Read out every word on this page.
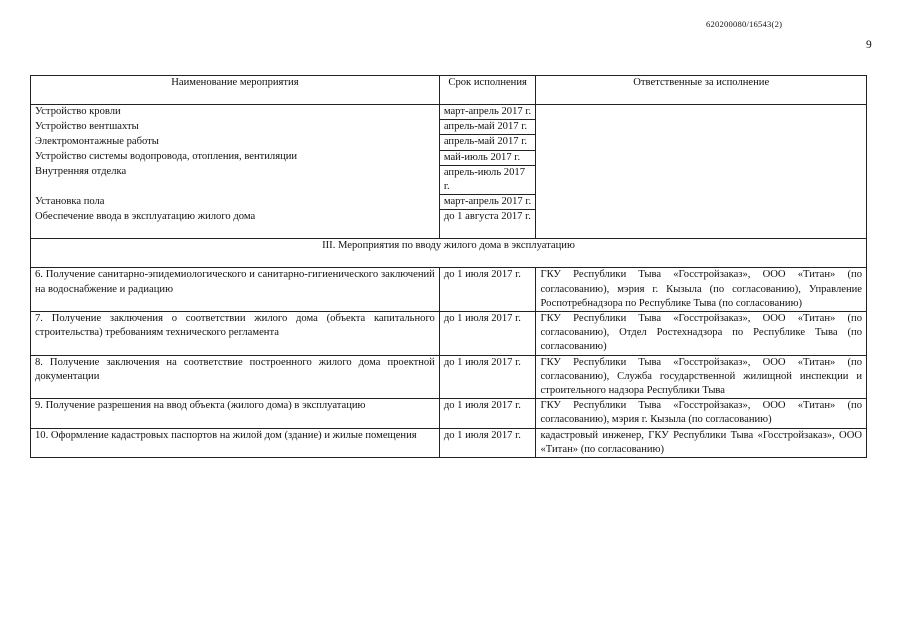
620200080/16543(2)
9
Наименование мероприятия	Срок исполнения	Ответственные за исполнение
Устройство кровли	март-апрель 2017 г.	
Устройство вентшахты	апрель-май 2017 г.	
Электромонтажные работы	апрель-май 2017 г.	
Устройство системы водопровода, отопления, вентиляции	май-июль 2017 г.	
Внутренняя отделка	апрель-июль 2017 г.	
Установка пола	март-апрель 2017 г.	
Обеспечение ввода в эксплуатацию жилого дома	до 1 августа 2017 г.	
III. Мероприятия по вводу жилого дома в эксплуатацию		
6. Получение санитарно-эпидемиологического и санитарно-гигиенического заключений на водоснабжение и радиацию	до 1 июля 2017 г.	ГКУ Республики Тыва «Госстройзаказ», ООО «Титан» (по согласованию), мэрия г. Кызыла (по согласованию), Управление Роспотребнадзора по Республике Тыва (по согласованию)
7. Получение заключения о соответствии жилого дома (объекта капитального строительства) требованиям технического регламента	до 1 июля 2017 г.	ГКУ Республики Тыва «Госстройзаказ», ООО «Титан» (по согласованию), Отдел Ростехнадзора по Республике Тыва (по согласованию)
8. Получение заключения на соответствие построенного жилого дома проектной документации	до 1 июля 2017 г.	ГКУ Республики Тыва «Госстройзаказ», ООО «Титан» (по согласованию), Служба государственной жилищной инспекции и строительного надзора Республики Тыва
9. Получение разрешения на ввод объекта (жилого дома) в эксплуатацию	до 1 июля 2017 г.	ГКУ Республики Тыва «Госстройзаказ», ООО «Титан» (по согласованию), мэрия г. Кызыла (по согласованию)
10. Оформление кадастровых паспортов на жилой дом (здание) и жилые помещения	до 1 июля 2017 г.	кадастровый инженер, ГКУ Республики Тыва «Госстройзаказ», ООО «Титан» (по согласованию)
